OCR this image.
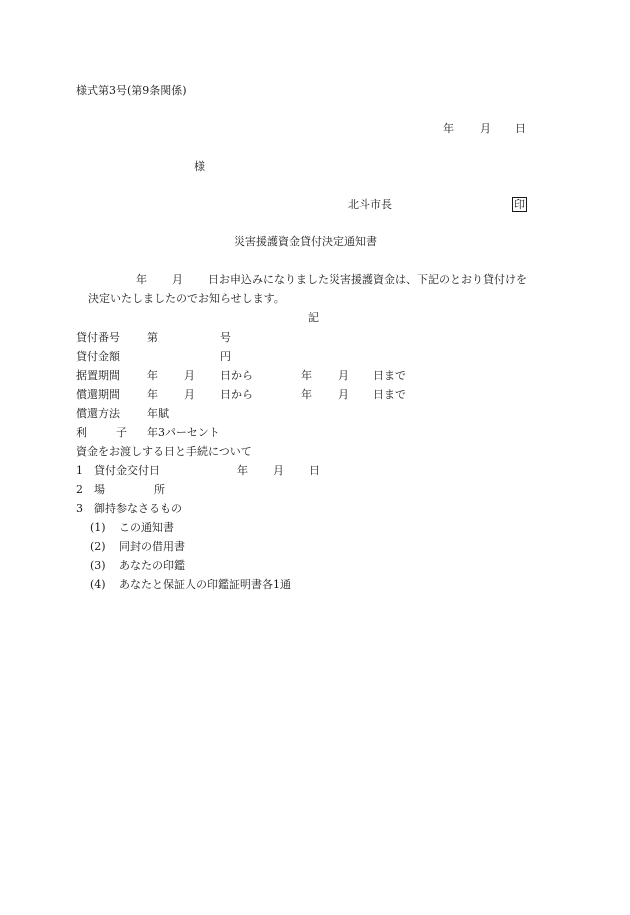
様式第3号(第9条関係)
年 月 日
様
北斗市長	印
災害援護資金貸付決定通知書
年 月 日お申込みになりました災害援護資金は、下記のとおり貸付けを
決定いたしましたのでお知らせします。
記
貸付番号 第	号
貸付金額	円
据置期間 年 月 日から	年 月 日まで
償還期間 年 月 日から	年 月 日まで
償還方法 年賦
利	子 年3パーセント
資金をお渡しする日と手続について
1 貸付金交付日	年 月 日
2 場	所
3 御持参なさるもの
(1) この通知書
(2) 同封の借用書
(3) あなたの印鑑
(4) あなたと保証人の印鑑証明書各1通
